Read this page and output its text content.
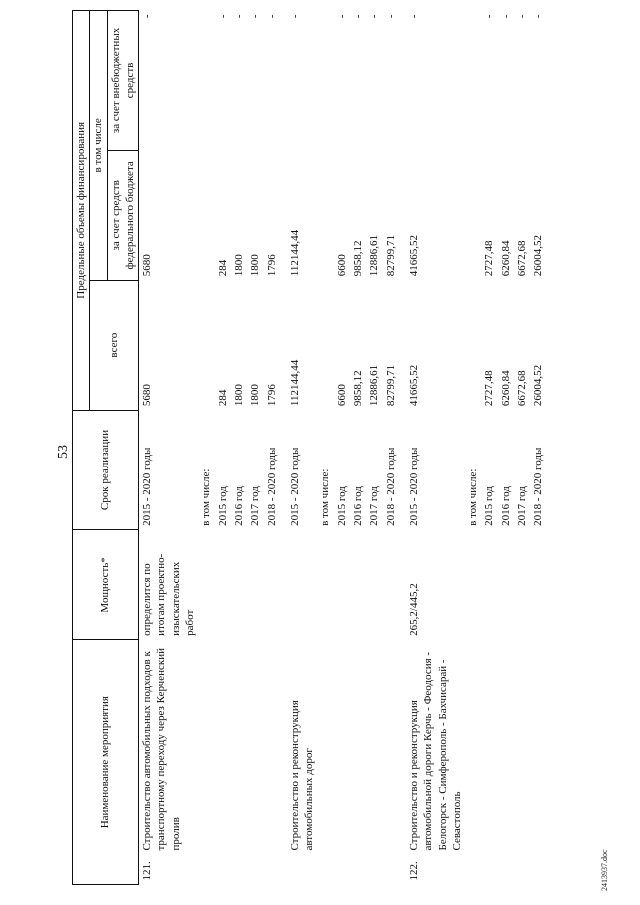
53
Наименование мероприятия		Мощность*	Срок реализации	Предельные объемы финансирования		
				всего	в том числе	
					за счет средств федерального бюджета	за счет внебюджетных средств
121.	Строительство автомобильных подходов к транспортному переходу через Керченский пролив	определится по итогам проектно-изыскательских работ	2015 - 2020 годы	5680	5680	-
			в том числе:			
			2015 год	284	284	-
			2016 год	1800	1800	-
			2017 год	1800	1800	-
			2018 - 2020 годы	1796	1796	-
	Строительство и реконструкция автомобильных дорог		2015 - 2020 годы	112144,44	112144,44	-
			в том числе:			
			2015 год	6600	6600	-
			2016 год	9858,12	9858,12	-
			2017 год	12886,61	12886,61	-
			2018 - 2020 годы	82799,71	82799,71	-
122.	Строительство и реконструкция автомобильной дороги Керчь - Феодосия - Белогорск - Симферополь - Бахчисарай - Севастополь	265,2/445,2	2015 - 2020 годы	41665,52	41665,52	-
			в том числе:			
			2015 год	2727,48	2727,48	-
			2016 год	6260,84	6260,84	-
			2017 год	6672,68	6672,68	-
			2018 - 2020 годы	26004,52	26004,52	-
2413937.doc
